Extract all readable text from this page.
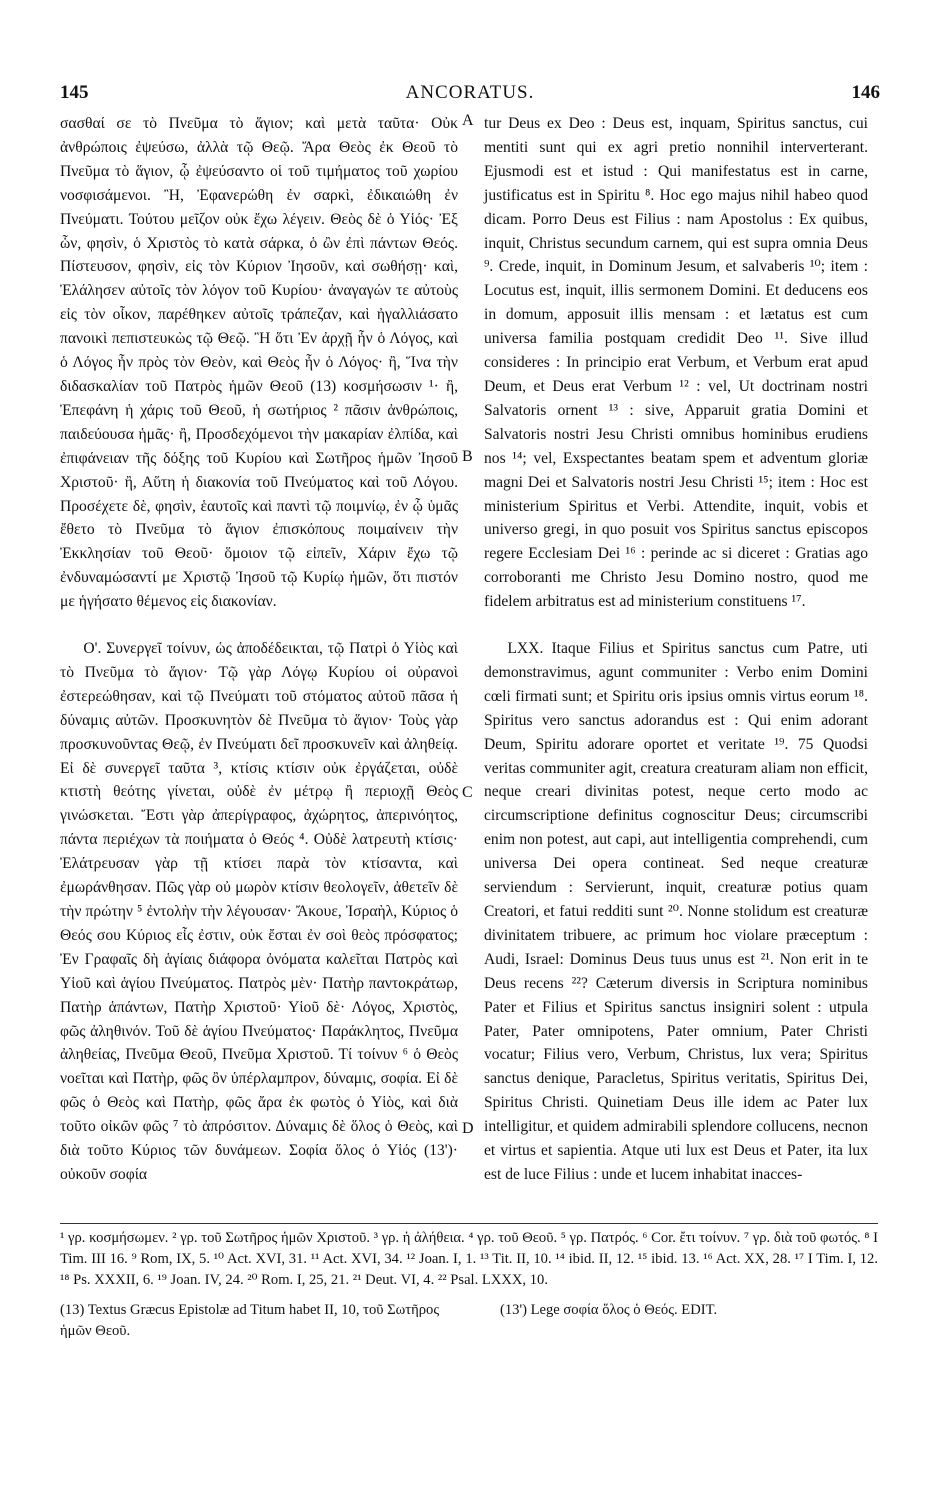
145	ANCORATUS.	146

σασθαί σε τὸ Πνεῦμα τὸ ἅγιον; καὶ μετὰ ταῦτα· Οὐκ ἀνθρώποις ἐψεύσω, ἀλλὰ τῷ Θεῷ. Ἄρα Θεὸς ἐκ Θεοῦ τὸ Πνεῦμα τὸ ἅγιον, ᾧ ἐψεύσαντο οἱ τοῦ τιμήματος τοῦ χωρίου νοσφισάμενοι. Ἢ, Ἐφανερώθη ἐν σαρκὶ, ἐδικαιώθη ἐν Πνεύματι. Τούτου μεῖζον οὐκ ἔχω λέγειν. Θεὸς δὲ ὁ Υἱός· Ἐξ ὧν, φησὶν, ὁ Χριστὸς τὸ κατὰ σάρκα, ὁ ὢν ἐπὶ πάντων Θεός. Πίστευσον, φησὶν, εἰς τὸν Κύριον Ἰησοῦν, καὶ σωθήσῃ· καὶ, Ἐλάλησεν αὐτοῖς τὸν λόγον τοῦ Κυρίου· ἀναγαγών τε αὐτοὺς εἰς τὸν οἶκον, παρέθηκεν αὐτοῖς τράπεζαν, καὶ ἠγαλλιάσατο πανοικὶ πεπιστευκὼς τῷ Θεῷ. Ἢ ὅτι Ἐν ἀρχῇ ἦν ὁ Λόγος, καὶ ὁ Λόγος ἦν πρὸς τὸν Θεὸν, καὶ Θεὸς ἦν ὁ Λόγος· ἢ, Ἵνα τὴν διδασκαλίαν τοῦ Πατρὸς ἡμῶν Θεοῦ (13) κοσμήσωσιν ¹· ἢ, Ἐπεφάνη ἡ χάρις τοῦ Θεοῦ, ἡ σωτήριος ² πᾶσιν ἀνθρώποις, παιδεύουσα ἡμᾶς· ἢ, Προσδεχόμενοι τὴν μακαρίαν ἐλπίδα, καὶ ἐπιφάνειαν τῆς δόξης τοῦ Κυρίου καὶ Σωτῆρος ἡμῶν Ἰησοῦ Χριστοῦ· ἢ, Αὕτη ἡ διακονία τοῦ Πνεύματος καὶ τοῦ Λόγου. Προσέχετε δὲ, φησὶν, ἑαυτοῖς καὶ παντὶ τῷ ποιμνίῳ, ἐν ᾧ ὑμᾶς ἔθετο τὸ Πνεῦμα τὸ ἅγιον ἐπισκόπους ποιμαίνειν τὴν Ἐκκλησίαν τοῦ Θεοῦ· ὅμοιον τῷ εἰπεῖν, Χάριν ἔχω τῷ ἐνδυναμώσαντί με Χριστῷ Ἰησοῦ τῷ Κυρίῳ ἡμῶν, ὅτι πιστόν με ἡγήσατο θέμενος εἰς διακονίαν.

Ο'. Συνεργεῖ τοίνυν, ὡς ἀποδέδεικται, τῷ Πατρὶ ὁ Υἱὸς καὶ τὸ Πνεῦμα τὸ ἅγιον· Τῷ γὰρ Λόγῳ Κυρίου οἱ οὐρανοὶ ἐστερεώθησαν, καὶ τῷ Πνεύματι τοῦ στόματος αὐτοῦ πᾶσα ἡ δύναμις αὐτῶν. Προσκυνητὸν δὲ Πνεῦμα τὸ ἅγιον· Τοὺς γὰρ προσκυνοῦντας Θεῷ, ἐν Πνεύματι δεῖ προσκυνεῖν καὶ ἀληθείᾳ. Εἰ δὲ συνεργεῖ ταῦτα ³, κτίσις κτίσιν οὐκ ἐργάζεται, οὐδὲ κτιστὴ θεότης γίνεται, οὐδὲ ἐν μέτρῳ ἢ περιοχῇ Θεὸς γινώσκεται. Ἔστι γὰρ ἀπερίγραφος, ἀχώρητος, ἀπερινόητος, πάντα περιέχων τὰ ποιήματα ὁ Θεός ⁴. Οὐδὲ λατρευτὴ κτίσις· Ἐλάτρευσαν γὰρ τῇ κτίσει παρὰ τὸν κτίσαντα, καὶ ἐμωράνθησαν. Πῶς γὰρ οὐ μωρὸν κτίσιν θεολογεῖν, ἀθετεῖν δὲ τὴν πρώτην ⁵ ἐντολὴν τὴν λέγουσαν· Ἄκουε, Ἰσραὴλ, Κύριος ὁ Θεός σου Κύριος εἷς ἐστιν, οὐκ ἔσται ἐν σοὶ θεὸς πρόσφατος; Ἐν Γραφαῖς δὴ ἁγίαις διάφορα ὀνόματα καλεῖται Πατρὸς καὶ Υἱοῦ καὶ ἁγίου Πνεύματος. Πατρὸς μὲν· Πατὴρ παντοκράτωρ, Πατὴρ ἁπάντων, Πατὴρ Χριστοῦ· Υἱοῦ δὲ· Λόγος, Χριστὸς, φῶς ἀληθινόν. Τοῦ δὲ ἁγίου Πνεύματος· Παράκλητος, Πνεῦμα ἀληθείας, Πνεῦμα Θεοῦ, Πνεῦμα Χριστοῦ. Τί τοίνυν ⁶ ὁ Θεὸς νοεῖται καὶ Πατὴρ, φῶς ὂν ὑπέρλαμπρον, δύναμις, σοφία. Εἰ δὲ φῶς ὁ Θεὸς καὶ Πατὴρ, φῶς ἄρα ἐκ φωτὸς ὁ Υἱὸς, καὶ διὰ τοῦτο οἰκῶν φῶς ⁷ τὸ ἀπρόσιτον. Δύναμις δὲ ὅλος ὁ Θεὸς, καὶ διὰ τοῦτο Κύριος τῶν δυνάμεων. Σοφία ὅλος ὁ Υἱός (13')· οὐκοῦν σοφία

A
B
C
D

tur Deus ex Deo : Deus est, inquam, Spiritus sanctus, cui mentiti sunt qui ex agri pretio nonnihil interverterant. Ejusmodi est et istud : Qui manifestatus est in carne, justificatus est in Spiritu ⁸. Hoc ego majus nihil habeo quod dicam. Porro Deus est Filius : nam Apostolus : Ex quibus, inquit, Christus secundum carnem, qui est supra omnia Deus ⁹. Crede, inquit, in Dominum Jesum, et salvaberis ¹⁰; item : Locutus est, inquit, illis sermonem Domini. Et deducens eos in domum, apposuit illis mensam : et lætatus est cum universa familia postquam credidit Deo ¹¹. Sive illud consideres : In principio erat Verbum, et Verbum erat apud Deum, et Deus erat Verbum ¹² : vel, Ut doctrinam nostri Salvatoris ornent ¹³ : sive, Apparuit gratia Domini et Salvatoris nostri Jesu Christi omnibus hominibus erudiens nos ¹⁴; vel, Exspectantes beatam spem et adventum gloriæ magni Dei et Salvatoris nostri Jesu Christi ¹⁵; item : Hoc est ministerium Spiritus et Verbi. Attendite, inquit, vobis et universo gregi, in quo posuit vos Spiritus sanctus episcopos regere Ecclesiam Dei ¹⁶ : perinde ac si diceret : Gratias ago corroboranti me Christo Jesu Domino nostro, quod me fidelem arbitratus est ad ministerium constituens ¹⁷.

LXX. Itaque Filius et Spiritus sanctus cum Patre, uti demonstravimus, agunt communiter : Verbo enim Domini cœli firmati sunt; et Spiritu oris ipsius omnis virtus eorum ¹⁸. Spiritus vero sanctus adorandus est : Qui enim adorant Deum, Spiritu adorare oportet et veritate ¹⁹. 75 Quodsi veritas communiter agit, creatura creaturam aliam non efficit, neque creari divinitas potest, neque certo modo ac circumscriptione definitus cognoscitur Deus; circumscribi enim non potest, aut capi, aut intelligentia comprehendi, cum universa Dei opera contineat. Sed neque creaturæ serviendum : Servierunt, inquit, creaturæ potius quam Creatori, et fatui redditi sunt ²⁰. Nonne stolidum est creaturæ divinitatem tribuere, ac primum hoc violare præceptum : Audi, Israel: Dominus Deus tuus unus est ²¹. Non erit in te Deus recens ²²? Cæterum diversis in Scriptura nominibus Pater et Filius et Spiritus sanctus insigniri solent : utpula Pater, Pater omnipotens, Pater omnium, Pater Christi vocatur; Filius vero, Verbum, Christus, lux vera; Spiritus sanctus denique, Paracletus, Spiritus veritatis, Spiritus Dei, Spiritus Christi. Quinetiam Deus ille idem ac Pater lux intelligitur, et quidem admirabili splendore collucens, necnon et virtus et sapientia. Atque uti lux est Deus et Pater, ita lux est de luce Filius : unde et lucem inhabitat inacces-

¹ γρ. κοσμήσωμεν. ² γρ. τοῦ Σωτῆρος ἡμῶν Χριστοῦ. ³ γρ. ἡ ἀλήθεια. ⁴ γρ. τοῦ Θεοῦ. ⁵ γρ. Πατρός. ⁶ Cor. ἔτι τοίνυν. ⁷ γρ. διὰ τοῦ φωτός. ⁸ I Tim. III 16. ⁹ Rom, IX, 5. ¹⁰ Act. XVI, 31. ¹¹ Act. XVI, 34. ¹² Joan. I, 1. ¹³ Tit. II, 10. ¹⁴ ibid. II, 12. ¹⁵ ibid. 13. ¹⁶ Act. XX, 28. ¹⁷ I Tim. I, 12. ¹⁸ Ps. XXXII, 6. ¹⁹ Joan. IV, 24. ²⁰ Rom. I, 25, 21. ²¹ Deut. VI, 4. ²² Psal. LXXX, 10.
(13) Textus Græcus Epistolæ ad Titum habet II, 10, τοῦ Σωτῆρος ἡμῶν Θεοῦ.
(13') Lege σοφία ὅλος ὁ Θεός. EDIT.
